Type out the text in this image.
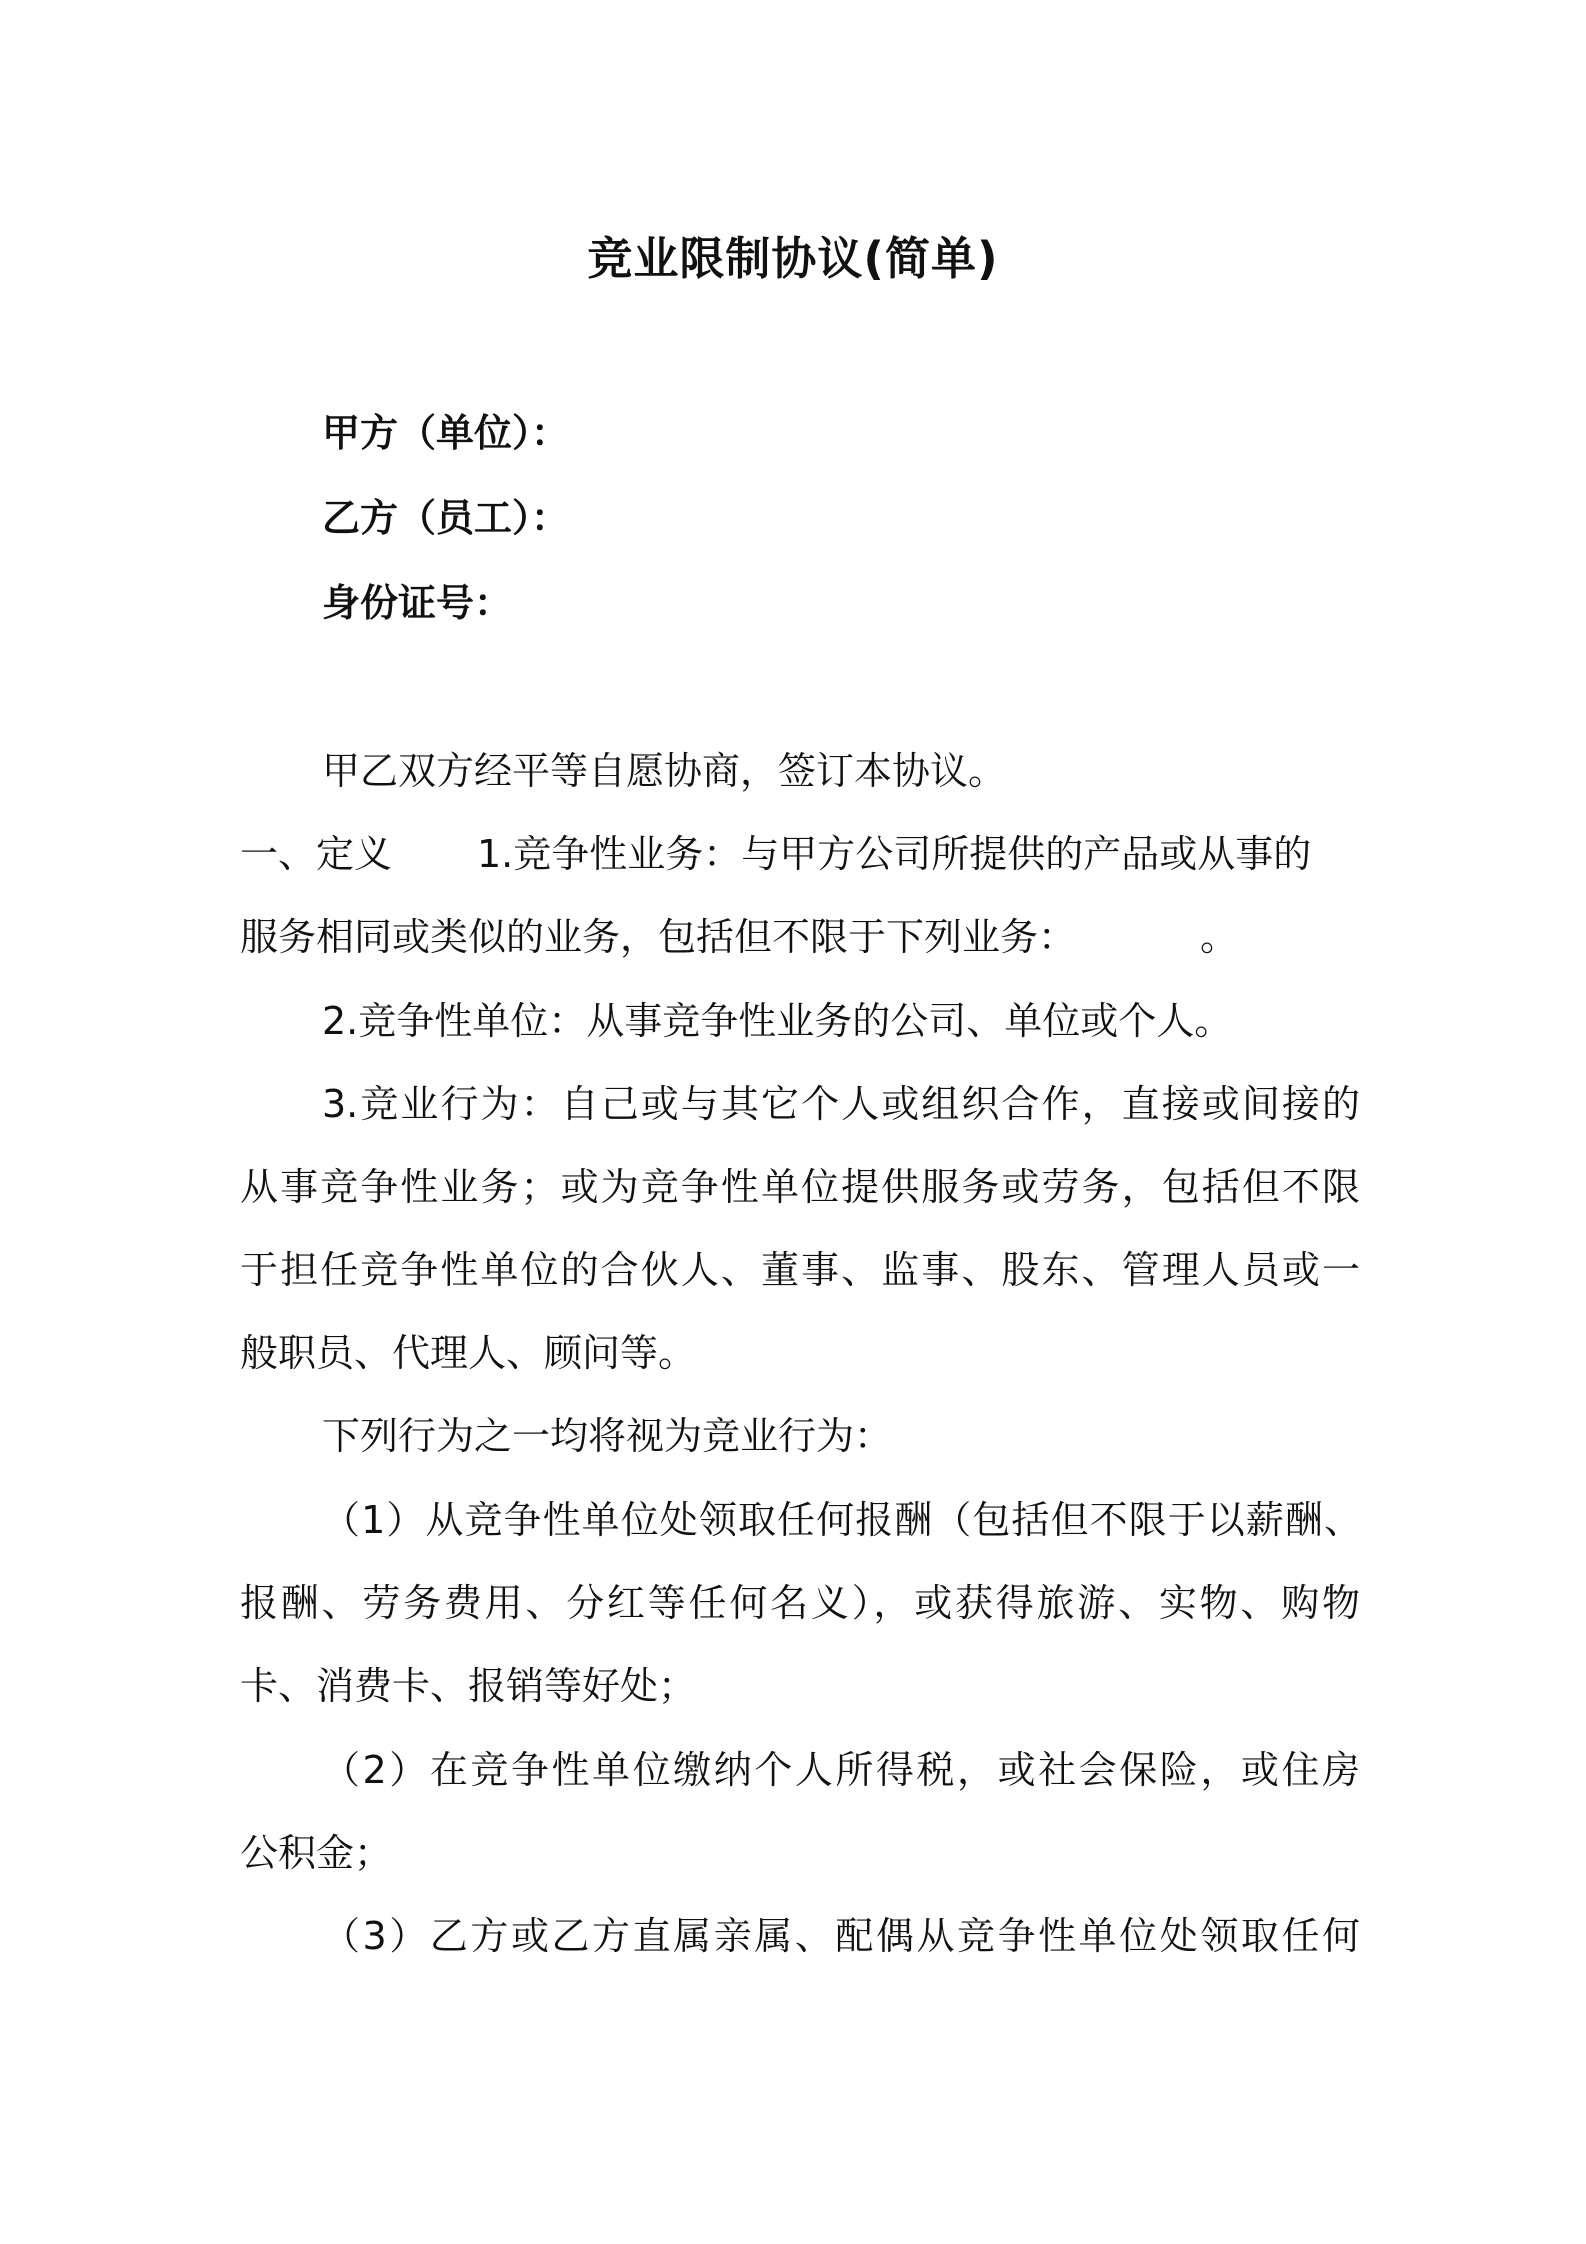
竞业限制协议(简单)
甲方（单位）：
乙方（员工）：
身份证号：
甲乙双方经平等自愿协商，签订本协议。
一、定义 1.竞争性业务：与甲方公司所提供的产品或从事的
服务相同或类似的业务，包括但不限于下列业务：	。
2.竞争性单位：从事竞争性业务的公司、单位或个人。
3.竞业行为：自己或与其它个人或组织合作，直接或间接的
从事竞争性业务；或为竞争性单位提供服务或劳务，包括但不限
于担任竞争性单位的合伙人、董事、监事、股东、管理人员或一
般职员、代理人、顾问等。
下列行为之一均将视为竞业行为：
（1）从竞争性单位处领取任何报酬（包括但不限于以薪酬、
报酬、劳务费用、分红等任何名义），或获得旅游、实物、购物
卡、消费卡、报销等好处；
（2）在竞争性单位缴纳个人所得税，或社会保险，或住房
公积金；
（3）乙方或乙方直属亲属、配偶从竞争性单位处领取任何
